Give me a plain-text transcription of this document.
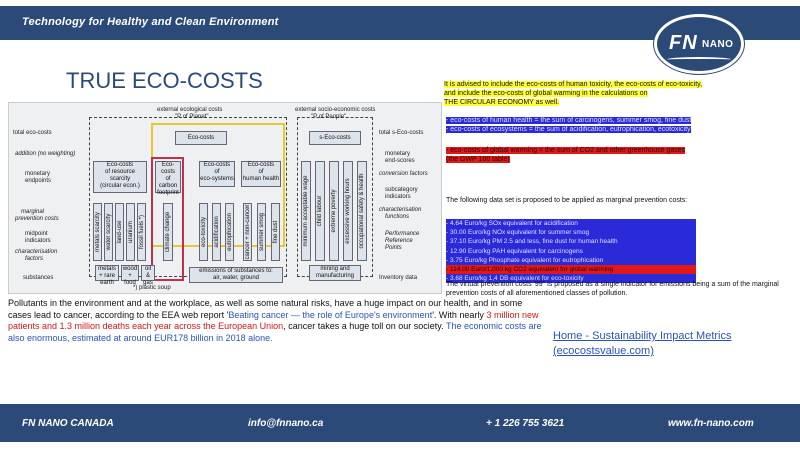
Technology for Healthy and Clean Environment
FN NANO
TRUE ECO-COSTS
total eco-costs
addition (no weighting)
monetary
endpoints
marginal
prevention costs
midpoint
indicators
characterisation
factors
substances
external ecological costs
"P of Planet"
external socio-economic costs
"P of People"
Eco-costs	s-Eco-costs
Eco-costs
of resource
scarcity
(circular econ.)
Eco-costs
of
carbon
footprint
Eco-costs
of
eco-systems
Eco-costs
of
human health
metals scarcity water scarcity land-use uranium fossil fuels *)	climate change	eco-toxicity acidification eutrophication cancer + non-cancer summer smog fine dust	minimum acceptable wage child labour extreme poverty excessive working hours occupational safety & health
metals
+ rare earth
wood
+ food
oil
& gas
emissions of substances to:
air, water, ground
mining and
manufacturing
*) plastic soup
total s-Eco-costs
monetary
end-scores
conversion factors
subcategory
indicators
characterisation
functions
Performance
Reference
Points
Inventory data
It is advised to include the eco-costs of human toxicity, the eco-costs of eco-toxicity,
and include the eco-costs of global warming in the calculations on
THE CIRCULAR ECONOMY as well.
- eco-costs of human health = the sum of carcinogens, summer smog, fine dust
- eco-costs of ecosystems = the sum of acidification, eutrophication, ecotoxicity
- eco-costs of global warming = the sum of CO2 and other greenhouse gases
(the GWP 100 table)
The following data set is proposed to be applied as marginal prevention costs:
- 4.64 Euro/kg SOx equivalent for acidification
- 30.00 Euro/kg NOx equivalent for summer smog
- 37.10 Euro/kg PM 2.5 and less, fine dust for human health
- 12.90 Euro/kg PAH equivalent for carcinogens
- 3.75 Euro/kg Phosphate equivalent for eutrophication
- 114.00 Euro/1,000 kg CO2 equivalent for global warming
- 3.68 Euro/kg 1,4 DB equivalent for eco-toxicity
The virtual prevention costs '99'' is proposed as a single indicator for emissions being a sum of the marginal prevention costs of all aforementioned classes of pollution.
Pollutants in the environment and at the workplace, as well as some natural risks, have a huge impact on our health, and in some cases lead to cancer, according to the EEA web report 'Beating cancer — the role of Europe's environment'. With nearly 3 million new patients and 1.3 million deaths each year across the European Union, cancer takes a huge toll on our society. The economic costs are also enormous, estimated at around EUR178 billion in 2018 alone.	Home - Sustainability Impact Metrics (ecocostsvalue.com)
FN NANO CANADA	info@fnnano.ca	+ 1 226 755 3621	www.fn-nano.com
